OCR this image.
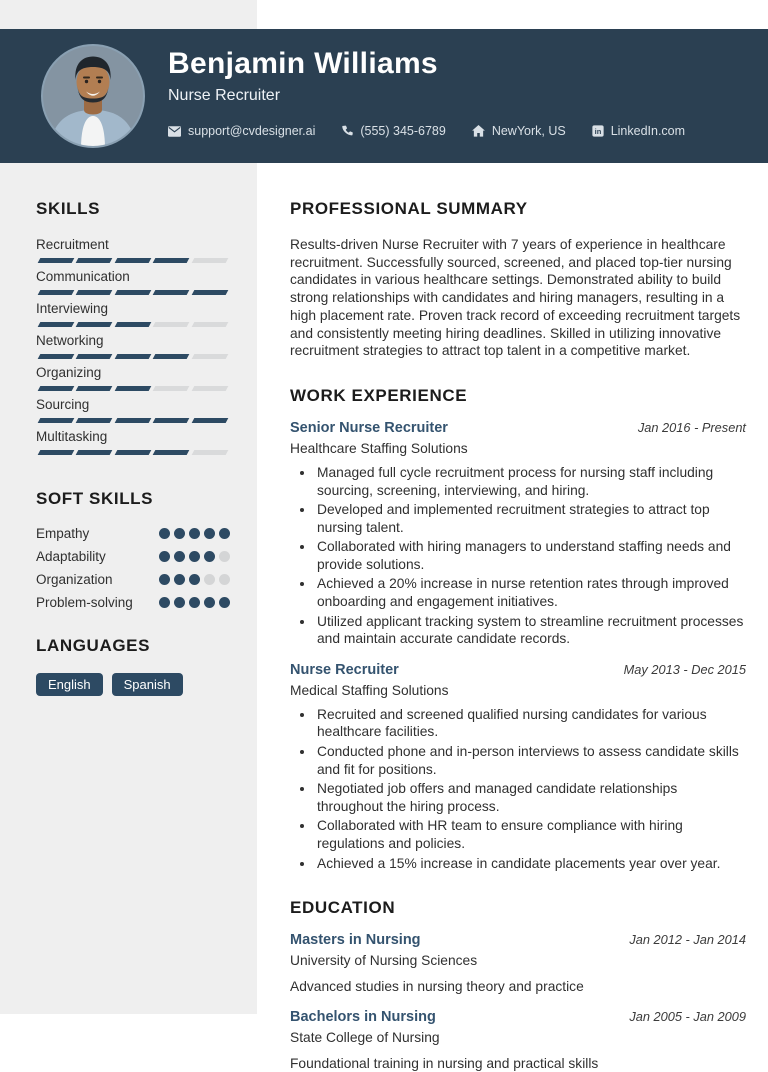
Benjamin Williams
Nurse Recruiter
support@cvdesigner.ai	(555) 345-6789	NewYork, US	in LinkedIn.com
SKILLS
Recruitment
Communication
Interviewing
Networking
Organizing
Sourcing
Multitasking
SOFT SKILLS
Empathy
Adaptability
Organization
Problem-solving
LANGUAGES
English	Spanish
PROFESSIONAL SUMMARY

Results-driven Nurse Recruiter with 7 years of experience in healthcare recruitment. Successfully sourced, screened, and placed top-tier nursing candidates in various healthcare settings. Demonstrated ability to build strong relationships with candidates and hiring managers, resulting in a high placement rate. Proven track record of exceeding recruitment targets and consistently meeting hiring deadlines. Skilled in utilizing innovative recruitment strategies to attract top talent in a competitive market.

WORK EXPERIENCE
Senior Nurse Recruiter	Jan 2016 - Present
Healthcare Staffing Solutions
• Managed full cycle recruitment process for nursing staff including sourcing, screening, interviewing, and hiring.
• Developed and implemented recruitment strategies to attract top nursing talent.
• Collaborated with hiring managers to understand staffing needs and provide solutions.
• Achieved a 20% increase in nurse retention rates through improved onboarding and engagement initiatives.
• Utilized applicant tracking system to streamline recruitment processes and maintain accurate candidate records.
Nurse Recruiter	May 2013 - Dec 2015
Medical Staffing Solutions
• Recruited and screened qualified nursing candidates for various healthcare facilities.
• Conducted phone and in-person interviews to assess candidate skills and fit for positions.
• Negotiated job offers and managed candidate relationships throughout the hiring process.
• Collaborated with HR team to ensure compliance with hiring regulations and policies.
• Achieved a 15% increase in candidate placements year over year.
EDUCATION
Masters in Nursing	Jan 2012 - Jan 2014
University of Nursing Sciences
Advanced studies in nursing theory and practice
Bachelors in Nursing	Jan 2005 - Jan 2009
State College of Nursing
Foundational training in nursing and practical skills
